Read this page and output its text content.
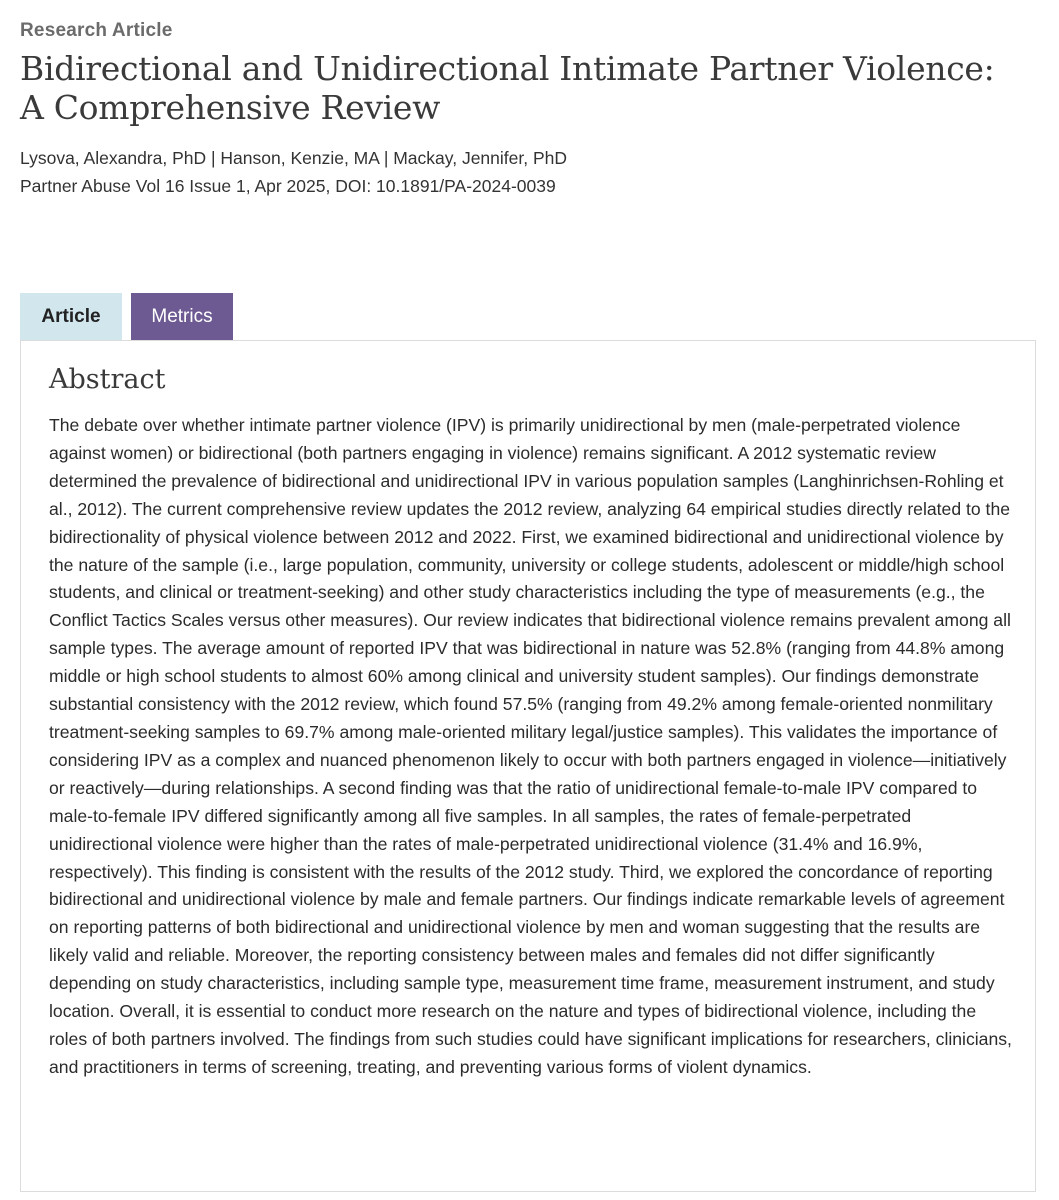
Research Article
Bidirectional and Unidirectional Intimate Partner Violence:
A Comprehensive Review
Lysova, Alexandra, PhD | Hanson, Kenzie, MA | Mackay, Jennifer, PhD
Partner Abuse Vol 16 Issue 1, Apr 2025, DOI: 10.1891/PA-2024-0039
Article	Metrics
Abstract

The debate over whether intimate partner violence (IPV) is primarily unidirectional by men (male-perpetrated violence against women) or bidirectional (both partners engaging in violence) remains significant. A 2012 systematic review determined the prevalence of bidirectional and unidirectional IPV in various population samples (Langhinrichsen-Rohling et al., 2012). The current comprehensive review updates the 2012 review, analyzing 64 empirical studies directly related to the bidirectionality of physical violence between 2012 and 2022. First, we examined bidirectional and unidirectional violence by the nature of the sample (i.e., large population, community, university or college students, adolescent or middle/high school students, and clinical or treatment-seeking) and other study characteristics including the type of measurements (e.g., the Conflict Tactics Scales versus other measures). Our review indicates that bidirectional violence remains prevalent among all sample types. The average amount of reported IPV that was bidirectional in nature was 52.8% (ranging from 44.8% among middle or high school students to almost 60% among clinical and university student samples). Our findings demonstrate substantial consistency with the 2012 review, which found 57.5% (ranging from 49.2% among female-oriented nonmilitary treatment-seeking samples to 69.7% among male-oriented military legal/justice samples). This validates the importance of considering IPV as a complex and nuanced phenomenon likely to occur with both partners engaged in violence—initiatively or reactively—during relationships. A second finding was that the ratio of unidirectional female-to-male IPV compared to male-to-female IPV differed significantly among all five samples. In all samples, the rates of female-perpetrated unidirectional violence were higher than the rates of male-perpetrated unidirectional violence (31.4% and 16.9%, respectively). This finding is consistent with the results of the 2012 study. Third, we explored the concordance of reporting bidirectional and unidirectional violence by male and female partners. Our findings indicate remarkable levels of agreement on reporting patterns of both bidirectional and unidirectional violence by men and woman suggesting that the results are likely valid and reliable. Moreover, the reporting consistency between males and females did not differ significantly depending on study characteristics, including sample type, measurement time frame, measurement instrument, and study location. Overall, it is essential to conduct more research on the nature and types of bidirectional violence, including the roles of both partners involved. The findings from such studies could have significant implications for researchers, clinicians, and practitioners in terms of screening, treating, and preventing various forms of violent dynamics.
